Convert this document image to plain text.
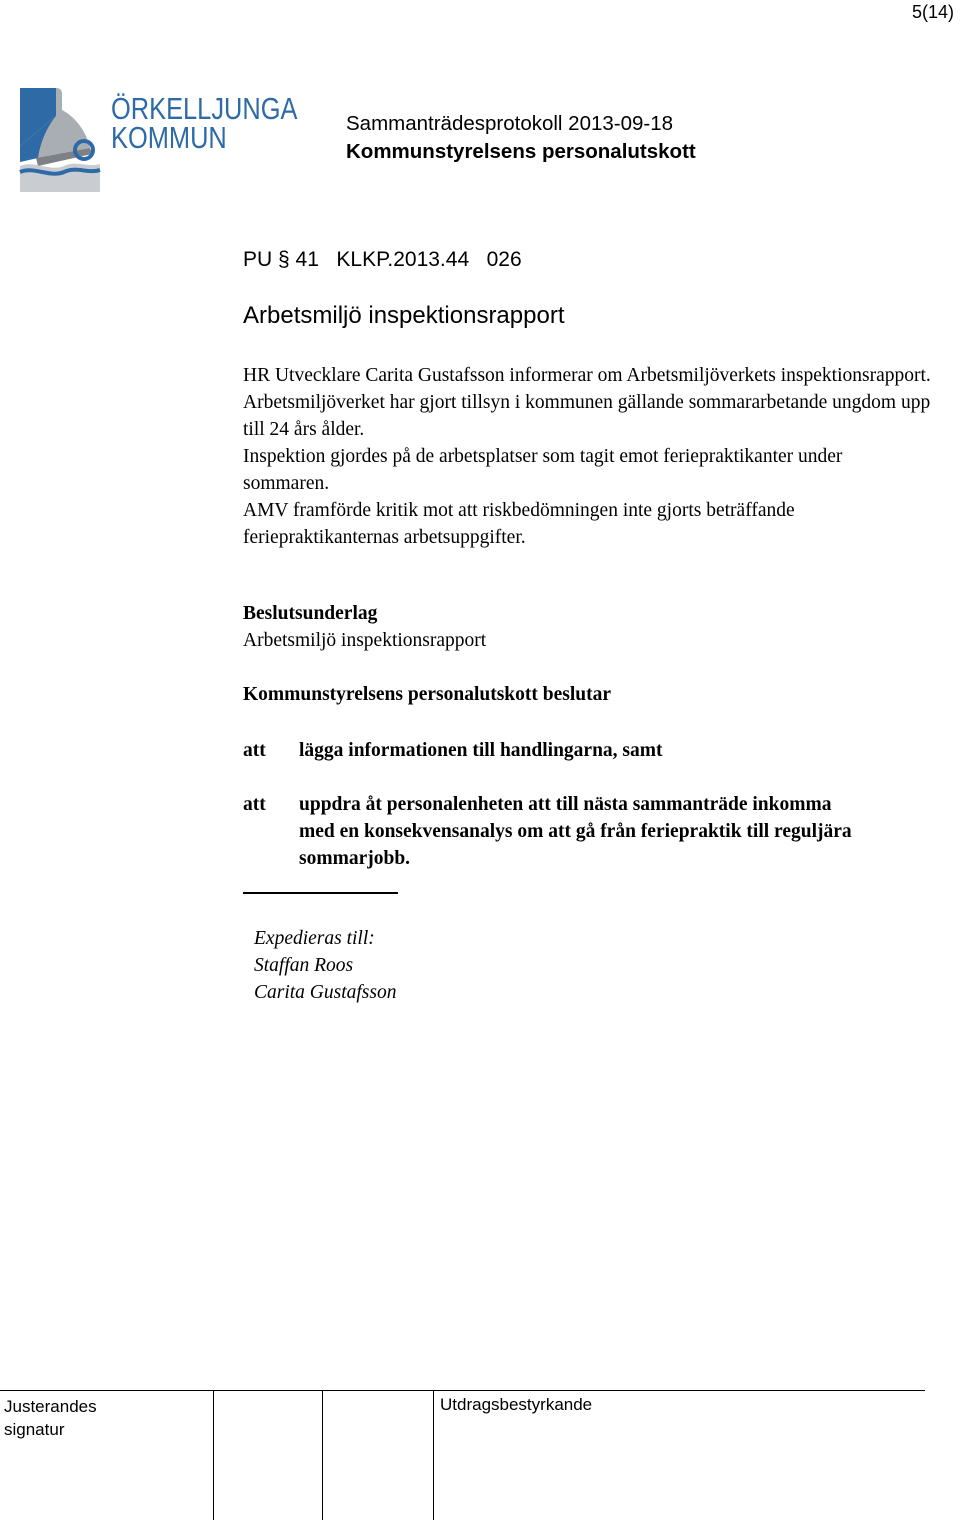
5(14)
ÖRKELLJUNGA
KOMMUN	Sammanträdesprotokoll 2013-09-18
Kommunstyrelsens personalutskott
PU § 41   KLKP.2013.44   026
Arbetsmiljö inspektionsrapport

HR Utvecklare Carita Gustafsson informerar om Arbetsmiljöverkets inspektionsrapport.

Arbetsmiljöverket har gjort tillsyn i kommunen gällande sommararbetande ungdom upp till 24 års ålder.

Inspektion gjordes på de arbetsplatser som tagit emot feriepraktikanter under sommaren.

AMV framförde kritik mot att riskbedömningen inte gjorts beträffande feriepraktikanternas arbetsuppgifter.

Beslutsunderlag
Arbetsmiljö inspektionsrapport
Kommunstyrelsens personalutskott beslutar
att lägga informationen till handlingarna, samt
att uppdra åt personalenheten att till nästa sammanträde inkomma med en konsekvensanalys om att gå från feriepraktik till reguljära sommarjobb.
Expedieras till:
Staffan Roos
Carita Gustafsson
Justerandes
signatur
Utdragsbestyrkande
